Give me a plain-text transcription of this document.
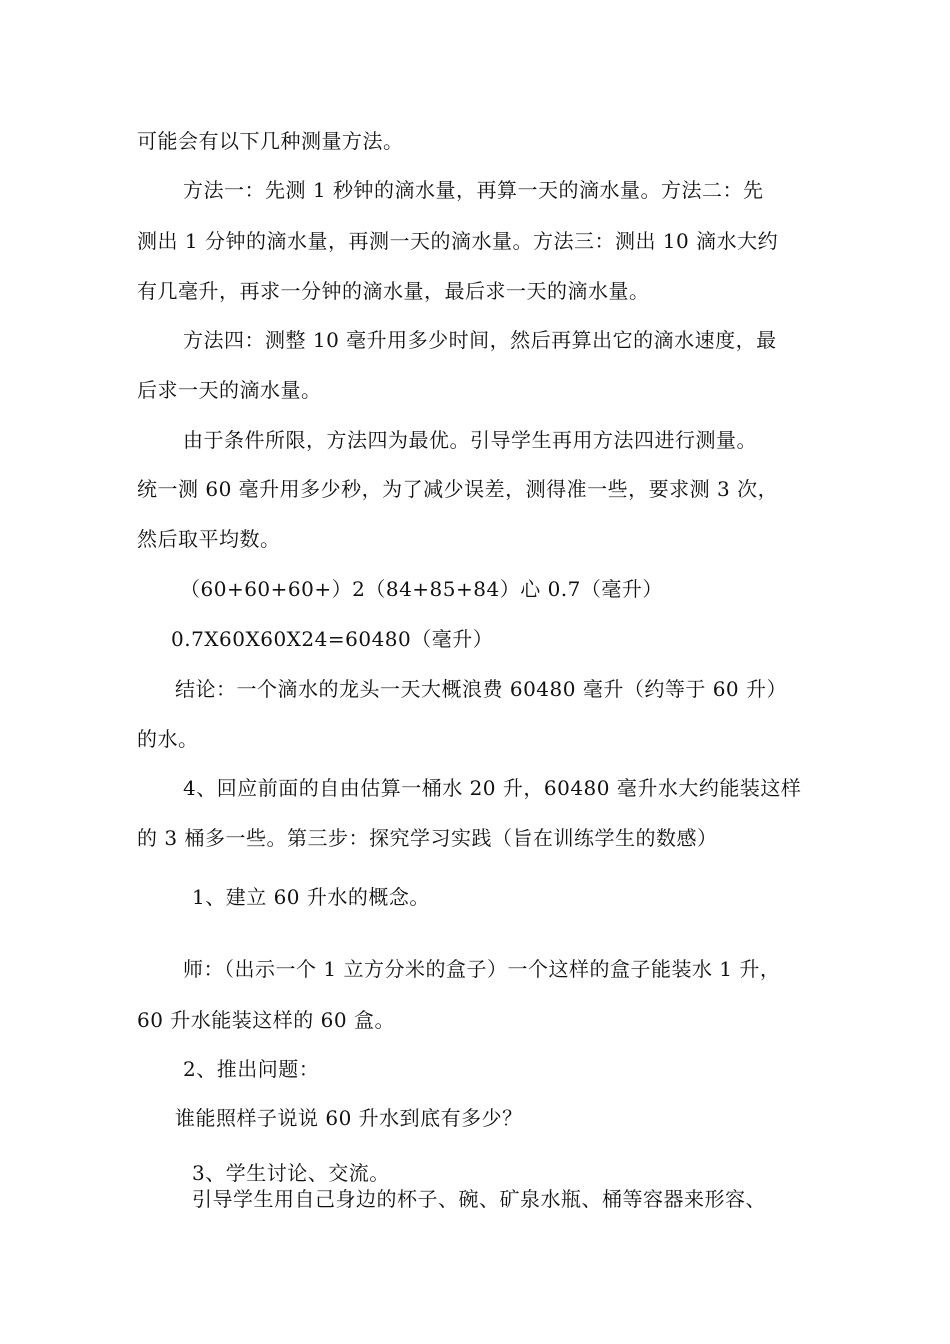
可能会有以下几种测量方法。
方法一：先测 1 秒钟的滴水量，再算一天的滴水量。方法二：先
测出 1 分钟的滴水量，再测一天的滴水量。方法三：测出 10 滴水大约
有几毫升，再求一分钟的滴水量，最后求一天的滴水量。
方法四：测整 10 毫升用多少时间，然后再算出它的滴水速度，最
后求一天的滴水量。
由于条件所限，方法四为最优。引导学生再用方法四进行测量。
统一测 60 毫升用多少秒，为了减少误差，测得准一些，要求测 3 次，
然后取平均数。
（60+60+60+）2（84+85+84）心 0.7（毫升）
0.7X60X60X24=60480（毫升）
结论：一个滴水的龙头一天大概浪费 60480 毫升（约等于 60 升）
的水。
4、回应前面的自由估算一桶水 20 升，60480 毫升水大约能装这样
的 3 桶多一些。第三步：探究学习实践（旨在训练学生的数感）
1、建立 60 升水的概念。
师：（出示一个 1 立方分米的盒子）一个这样的盒子能装水 1 升，
60 升水能装这样的 60 盒。
2、推出问题：
谁能照样子说说 60 升水到底有多少？
3、学生讨论、交流。
引导学生用自己身边的杯子、碗、矿泉水瓶、桶等容器来形容、
